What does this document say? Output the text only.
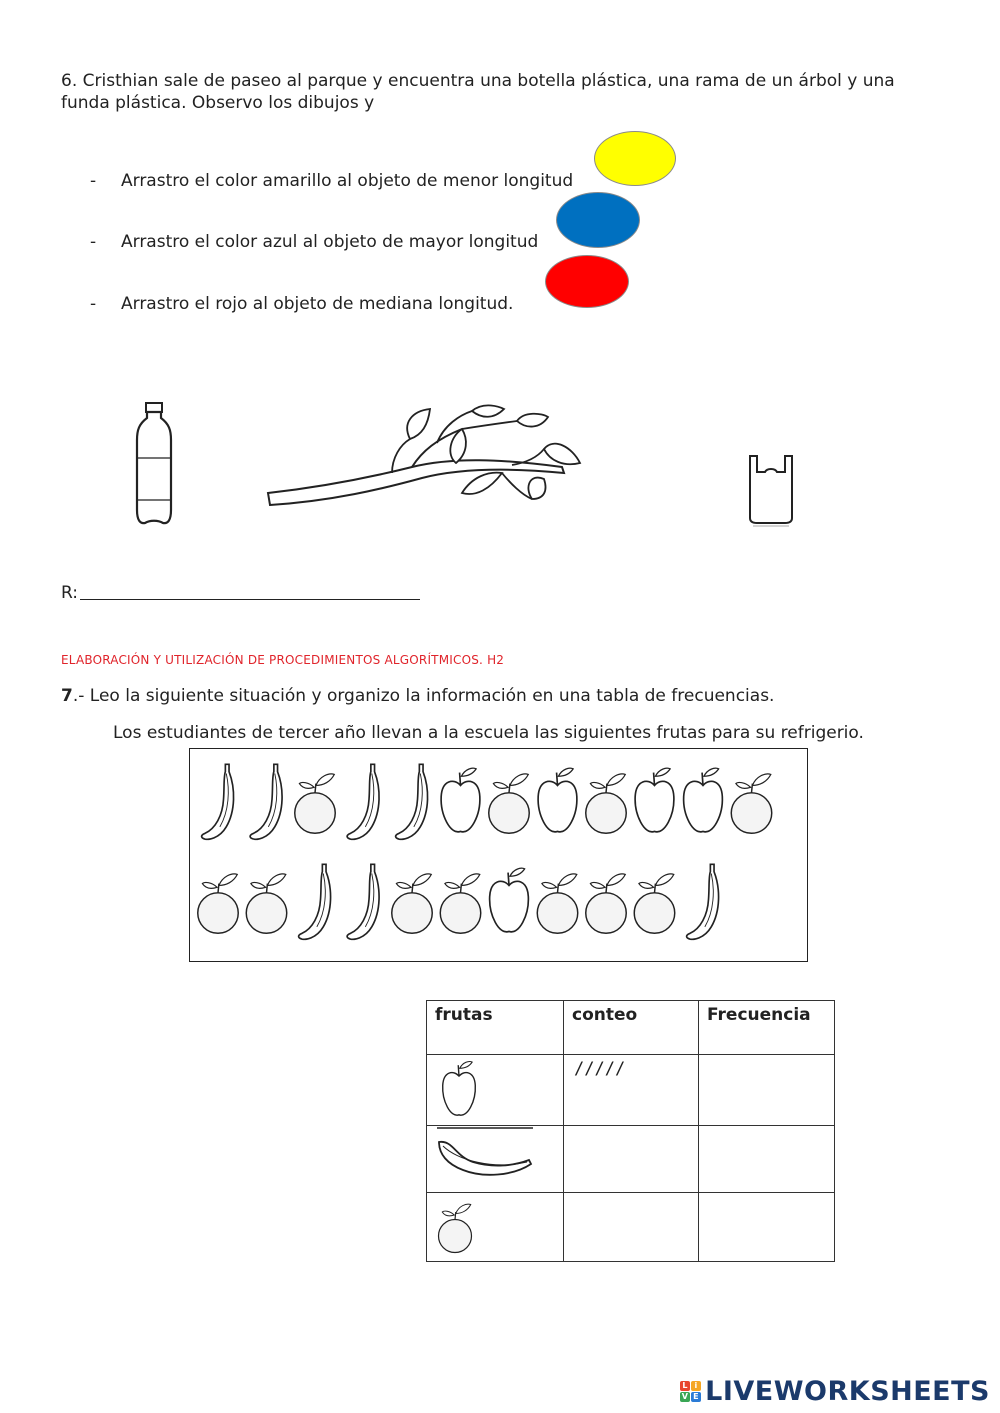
6. Cristhian sale de paseo al parque y encuentra una botella plástica, una rama de un árbol y una funda plástica. Observo los dibujos y
- Arrastro el color amarillo al objeto de menor longitud
- Arrastro el color azul al objeto de mayor longitud
- Arrastro el rojo al objeto de mediana longitud.
R:
ELABORACIÓN Y UTILIZACIÓN DE PROCEDIMIENTOS ALGORÍTMICOS. H2
7.- Leo la siguiente situación y organizo la información en una tabla de frecuencias.
Los estudiantes de tercer año llevan a la escuela las siguientes frutas para su refrigerio.
frutas	conteo	Frecuencia
	/////	

L i
V E LIVEWORKSHEETS
